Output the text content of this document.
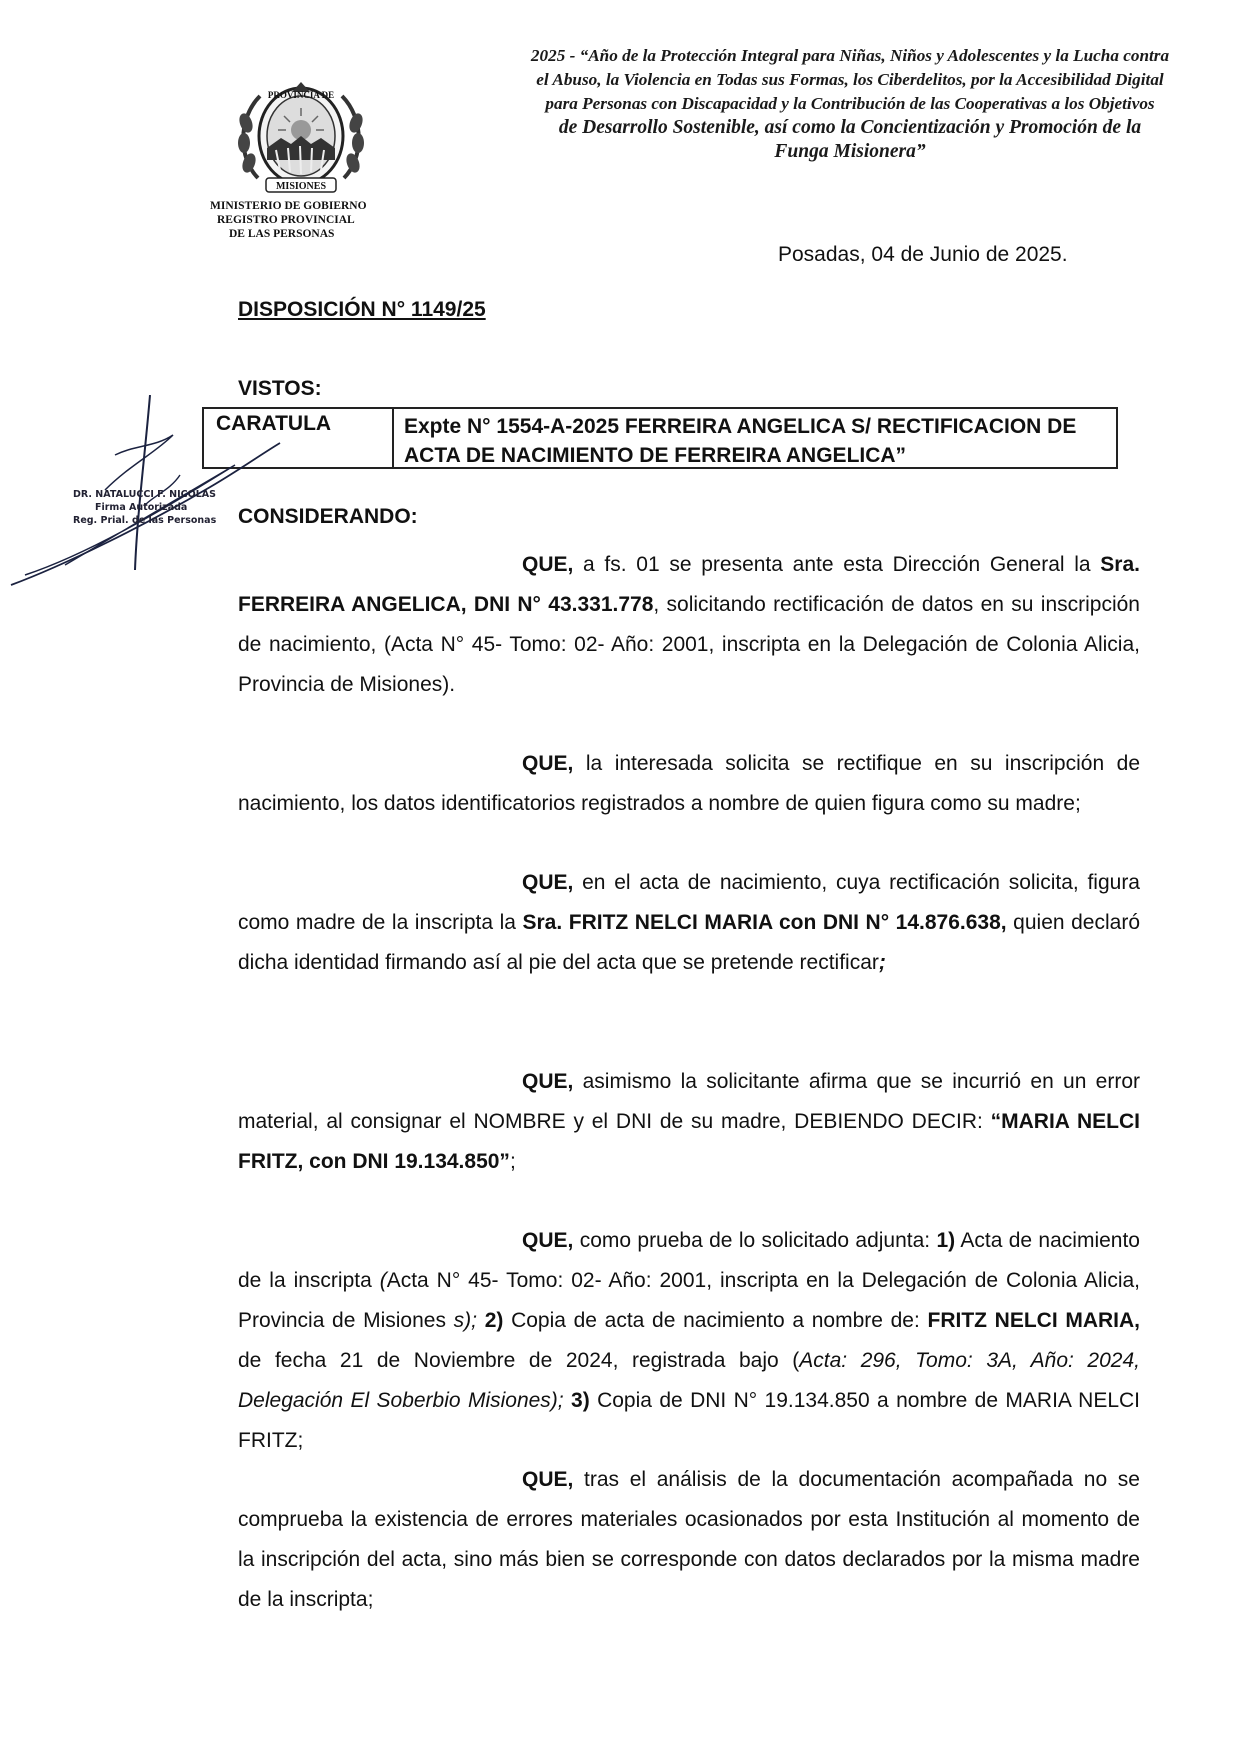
PROVINCIA DE
MISIONES
MINISTERIO DE GOBIERNO
REGISTRO PROVINCIAL
DE LAS PERSONAS
2025 - “Año de la Protección Integral para Niñas, Niños y Adolescentes y la Lucha contra
el Abuso, la Violencia en Todas sus Formas, los Ciberdelitos, por la Accesibilidad Digital
para Personas con Discapacidad y la Contribución de las Cooperativas a los Objetivos
de Desarrollo Sostenible, así como la Concientización y Promoción de la
Funga Misionera”
Posadas, 04 de Junio de 2025.
DISPOSICIÓN N° 1149/25
VISTOS:
CARATULA	Expte N° 1554-A-2025 FERREIRA ANGELICA S/ RECTIFICACION DE ACTA DE NACIMIENTO DE FERREIRA ANGELICA”
DR. NATALUCCI F. NICOLAS
Firma Autorizada
Reg. Prial. de las Personas CONSIDERANDO:
QUE, a fs. 01 se presenta ante esta Dirección General la Sra. FERREIRA ANGELICA, DNI N° 43.331.778, solicitando rectificación de datos en su inscripción de nacimiento, (Acta N° 45- Tomo: 02- Año: 2001, inscripta en la Delegación de Colonia Alicia, Provincia de Misiones).
QUE, la interesada solicita se rectifique en su inscripción de nacimiento, los datos identificatorios registrados a nombre de quien figura como su madre;
QUE, en el acta de nacimiento, cuya rectificación solicita, figura como madre de la inscripta la Sra. FRITZ NELCI MARIA con DNI N° 14.876.638, quien declaró dicha identidad firmando así al pie del acta que se pretende rectificar;
QUE, asimismo la solicitante afirma que se incurrió en un error material, al consignar el NOMBRE y el DNI de su madre, DEBIENDO DECIR: “MARIA NELCI FRITZ, con DNI 19.134.850”;
QUE, como prueba de lo solicitado adjunta: 1) Acta de nacimiento de la inscripta (Acta N° 45- Tomo: 02- Año: 2001, inscripta en la Delegación de Colonia Alicia, Provincia de Misiones s); 2) Copia de acta de nacimiento a nombre de: FRITZ NELCI MARIA, de fecha 21 de Noviembre de 2024, registrada bajo (Acta: 296, Tomo: 3A, Año: 2024, Delegación El Soberbio Misiones); 3) Copia de DNI N° 19.134.850 a nombre de MARIA NELCI FRITZ;
QUE, tras el análisis de la documentación acompañada no se comprueba la existencia de errores materiales ocasionados por esta Institución al momento de la inscripción del acta, sino más bien se corresponde con datos declarados por la misma madre de la inscripta;
